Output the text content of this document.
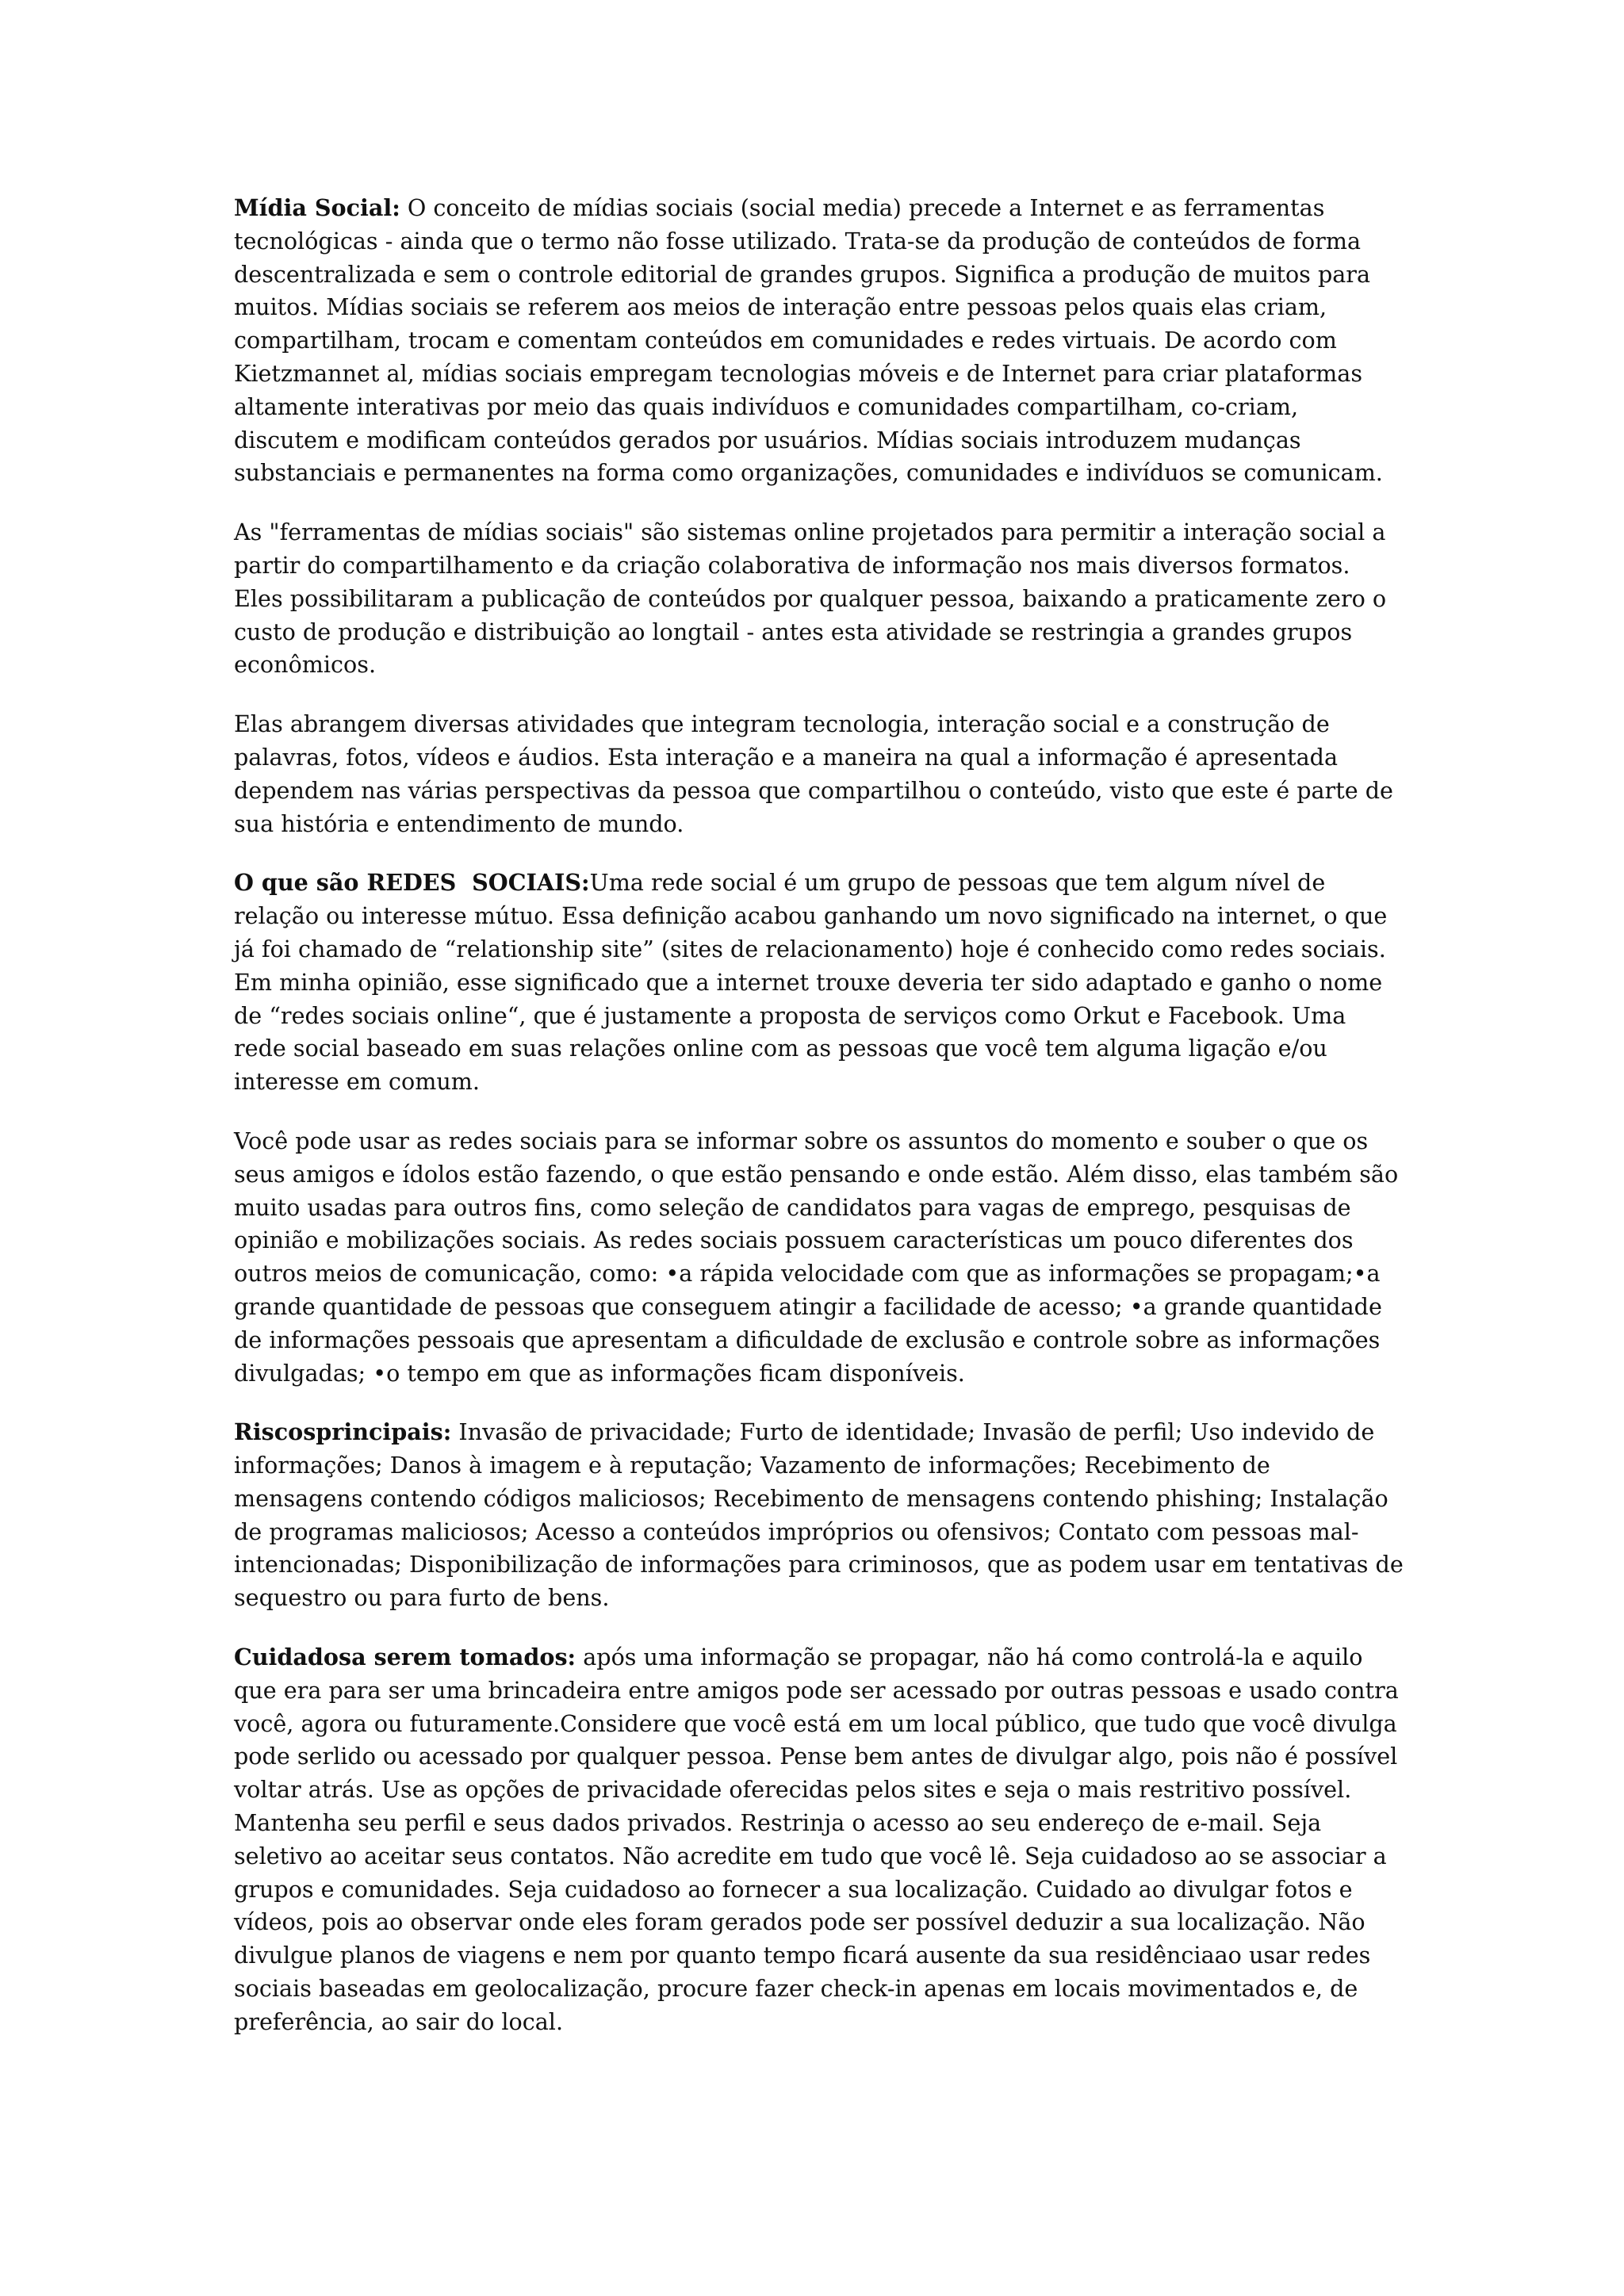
Mídia Social: O conceito de mídias sociais (social media) precede a Internet e as ferramentas tecnológicas - ainda que o termo não fosse utilizado. Trata-se da produção de conteúdos de forma descentralizada e sem o controle editorial de grandes grupos. Significa a produção de muitos para muitos. Mídias sociais se referem aos meios de interação entre pessoas pelos quais elas criam, compartilham, trocam e comentam conteúdos em comunidades e redes virtuais. De acordo com Kietzmannet al, mídias sociais empregam tecnologias móveis e de Internet para criar plataformas altamente interativas por meio das quais indivíduos e comunidades compartilham, co-criam, discutem e modificam conteúdos gerados por usuários. Mídias sociais introduzem mudanças substanciais e permanentes na forma como organizações, comunidades e indivíduos se comunicam.

As "ferramentas de mídias sociais" são sistemas online projetados para permitir a interação social a partir do compartilhamento e da criação colaborativa de informação nos mais diversos formatos. Eles possibilitaram a publicação de conteúdos por qualquer pessoa, baixando a praticamente zero o custo de produção e distribuição ao longtail - antes esta atividade se restringia a grandes grupos econômicos.

Elas abrangem diversas atividades que integram tecnologia, interação social e a construção de palavras, fotos, vídeos e áudios. Esta interação e a maneira na qual a informação é apresentada dependem nas várias perspectivas da pessoa que compartilhou o conteúdo, visto que este é parte de sua história e entendimento de mundo.

O que são REDES  SOCIAIS:Uma rede social é um grupo de pessoas que tem algum nível de relação ou interesse mútuo. Essa definição acabou ganhando um novo significado na internet, o que já foi chamado de “relationship site” (sites de relacionamento) hoje é conhecido como redes sociais. Em minha opinião, esse significado que a internet trouxe deveria ter sido adaptado e ganho o nome de “redes sociais online“, que é justamente a proposta de serviços como Orkut e Facebook. Uma rede social baseado em suas relações online com as pessoas que você tem alguma ligação e/ou interesse em comum.

Você pode usar as redes sociais para se informar sobre os assuntos do momento e souber o que os seus amigos e ídolos estão fazendo, o que estão pensando e onde estão. Além disso, elas também são muito usadas para outros fins, como seleção de candidatos para vagas de emprego, pesquisas de opinião e mobilizações sociais. As redes sociais possuem características um pouco diferentes dos outros meios de comunicação, como: •a rápida velocidade com que as informações se propagam;•a grande quantidade de pessoas que conseguem atingir a facilidade de acesso; •a grande quantidade de informações pessoais que apresentam a dificuldade de exclusão e controle sobre as informações divulgadas; •o tempo em que as informações ficam disponíveis.

Riscosprincipais: Invasão de privacidade; Furto de identidade; Invasão de perfil; Uso indevido de informações; Danos à imagem e à reputação; Vazamento de informações; Recebimento de mensagens contendo códigos maliciosos; Recebimento de mensagens contendo phishing; Instalação de programas maliciosos; Acesso a conteúdos impróprios ou ofensivos; Contato com pessoas mal-intencionadas; Disponibilização de informações para criminosos, que as podem usar em tentativas de sequestro ou para furto de bens.

Cuidadosa serem tomados: após uma informação se propagar, não há como controlá-la e aquilo que era para ser uma brincadeira entre amigos pode ser acessado por outras pessoas e usado contra você, agora ou futuramente.Considere que você está em um local público, que tudo que você divulga pode serlido ou acessado por qualquer pessoa. Pense bem antes de divulgar algo, pois não é possível voltar atrás. Use as opções de privacidade oferecidas pelos sites e seja o mais restritivo possível. Mantenha seu perfil e seus dados privados. Restrinja o acesso ao seu endereço de e-mail. Seja seletivo ao aceitar seus contatos. Não acredite em tudo que você lê. Seja cuidadoso ao se associar a grupos e comunidades. Seja cuidadoso ao fornecer a sua localização. Cuidado ao divulgar fotos e vídeos, pois ao observar onde eles foram gerados pode ser possível deduzir a sua localização. Não divulgue planos de viagens e nem por quanto tempo ficará ausente da sua residênciaao usar redes sociais baseadas em geolocalização, procure fazer check-in apenas em locais movimentados e, de preferência, ao sair do local.
